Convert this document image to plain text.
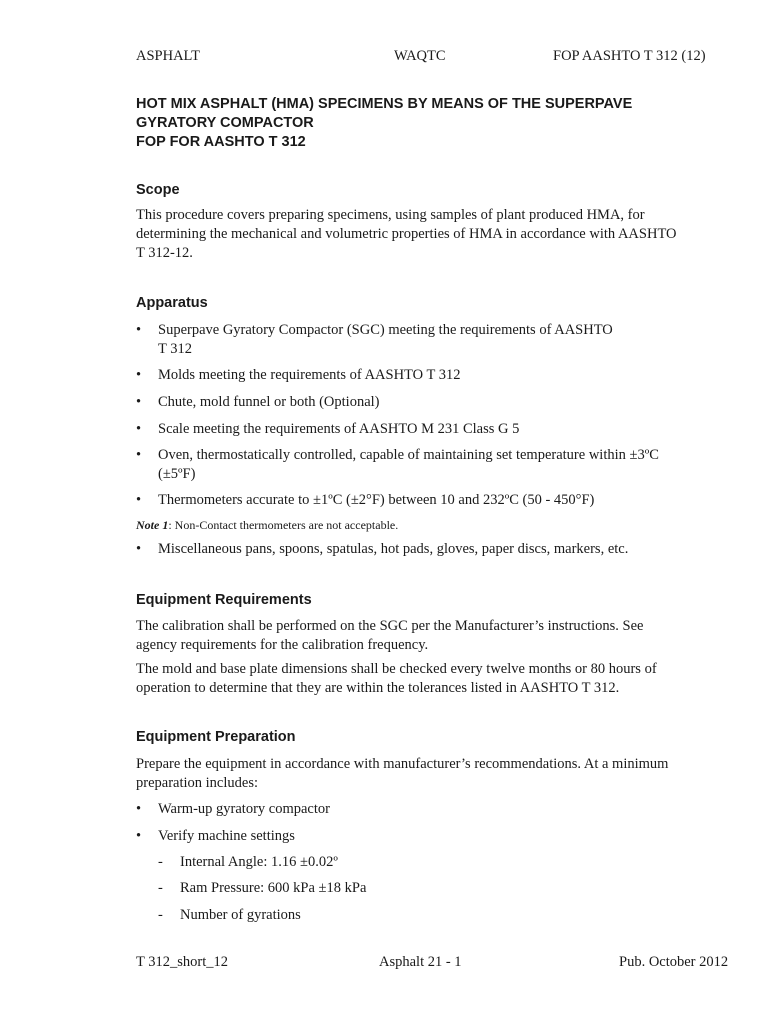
ASPHALT	WAQTC	FOP AASHTO T 312 (12)
HOT MIX ASPHALT (HMA) SPECIMENS BY MEANS OF THE SUPERPAVE
GYRATORY COMPACTOR
FOP FOR AASHTO T 312
Scope
This procedure covers preparing specimens, using samples of plant produced HMA, for
determining the mechanical and volumetric properties of HMA in accordance with AASHTO
T 312-12.
Apparatus
• Superpave Gyratory Compactor (SGC) meeting the requirements of AASHTO
T 312
• Molds meeting the requirements of AASHTO T 312
• Chute, mold funnel or both (Optional)
• Scale meeting the requirements of AASHTO M 231 Class G 5
• Oven, thermostatically controlled, capable of maintaining set temperature within ±3ºC
(±5ºF)
• Thermometers accurate to ±1ºC (±2°F) between 10 and 232ºC (50 - 450°F)
Note 1: Non-Contact thermometers are not acceptable.
• Miscellaneous pans, spoons, spatulas, hot pads, gloves, paper discs, markers, etc.
Equipment Requirements
The calibration shall be performed on the SGC per the Manufacturer’s instructions. See
agency requirements for the calibration frequency.
The mold and base plate dimensions shall be checked every twelve months or 80 hours of
operation to determine that they are within the tolerances listed in AASHTO T 312.
Equipment Preparation
Prepare the equipment in accordance with manufacturer’s recommendations. At a minimum
preparation includes:
• Warm-up gyratory compactor
• Verify machine settings
- Internal Angle: 1.16 ±0.02º
- Ram Pressure: 600 kPa ±18 kPa
- Number of gyrations
T 312_short_12	Asphalt 21 - 1	Pub. October 2012
